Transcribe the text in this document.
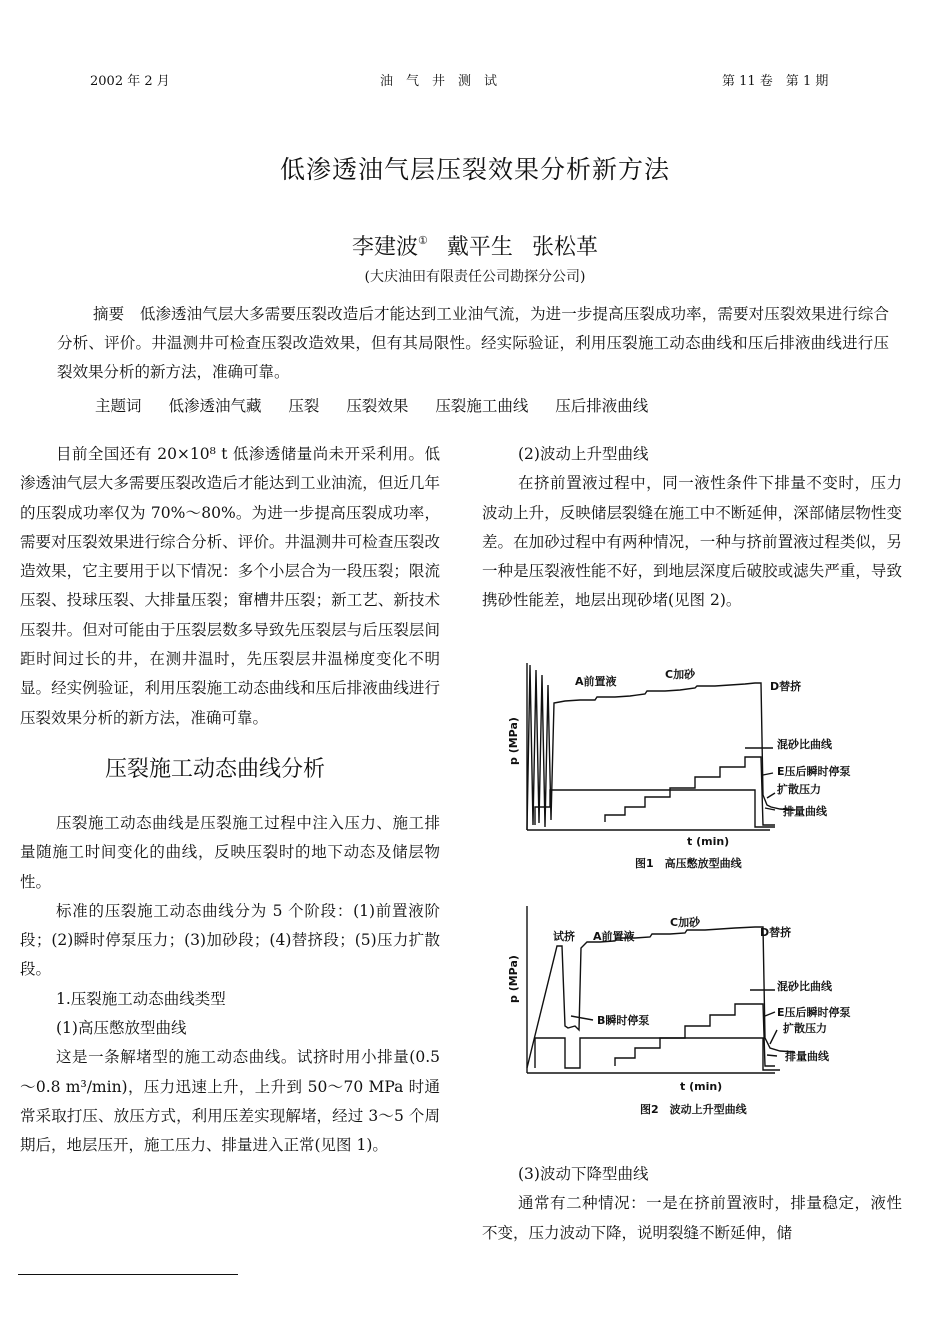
2002 年 2 月	油　气　井　测　试	第 11 卷　第 1 期
低渗透油气层压裂效果分析新方法
李建波① 戴平生 张松革
(大庆油田有限责任公司勘探分公司)

摘要　低渗透油气层大多需要压裂改造后才能达到工业油气流，为进一步提高压裂成功率，需要对压裂效果进行综合分析、评价。井温测井可检查压裂改造效果，但有其局限性。经实际验证，利用压裂施工动态曲线和压后排液曲线进行压裂效果分析的新方法，准确可靠。

主题词 低渗透油气藏 压裂 压裂效果 压裂施工曲线 压后排液曲线

目前全国还有 20×10⁸ t 低渗透储量尚未开采利用。低渗透油气层大多需要压裂改造后才能达到工业油流，但近几年的压裂成功率仅为 70%～80%。为进一步提高压裂成功率，需要对压裂效果进行综合分析、评价。井温测井可检查压裂改造效果，它主要用于以下情况：多个小层合为一段压裂；限流压裂、投球压裂、大排量压裂；窜槽井压裂；新工艺、新技术压裂井。但对可能由于压裂层数多导致先压裂层与后压裂层间距时间过长的井，在测井温时，先压裂层井温梯度变化不明显。经实例验证，利用压裂施工动态曲线和压后排液曲线进行压裂效果分析的新方法，准确可靠。

压裂施工动态曲线分析

压裂施工动态曲线是压裂施工过程中注入压力、施工排量随施工时间变化的曲线，反映压裂时的地下动态及储层物性。

标准的压裂施工动态曲线分为 5 个阶段：(1)前置液阶段；(2)瞬时停泵压力；(3)加砂段；(4)替挤段；(5)压力扩散段。

1.压裂施工动态曲线类型

(1)高压憋放型曲线

这是一条解堵型的施工动态曲线。试挤时用小排量(0.5～0.8 m³/min)，压力迅速上升，上升到 50～70 MPa 时通常采取打压、放压方式，利用压差实现解堵，经过 3～5 个周期后，地层压开，施工压力、排量进入正常(见图 1)。

(2)波动上升型曲线

在挤前置液过程中，同一液性条件下排量不变时，压力波动上升，反映储层裂缝在施工中不断延伸，深部储层物性变差。在加砂过程中有两种情况，一种与挤前置液过程类似，另一种是压裂液性能不好，到地层深度后破胶或滤失严重，导致携砂性能差，地层出现砂堵(见图 2)。

A前置液
C加砂
D替挤
混砂比曲线
E压后瞬时停泵
扩散压力
排量曲线
p (MPa)
t (min)
图1　高压憋放型曲线
试挤 A前置液
C加砂
D替挤
B瞬时停泵
混砂比曲线
E压后瞬时停泵
扩散压力
排量曲线
p (MPa)
t (min)
图2　波动上升型曲线

(3)波动下降型曲线

通常有二种情况：一是在挤前置液时，排量稳定，液性不变，压力波动下降，说明裂缝不断延伸，储
